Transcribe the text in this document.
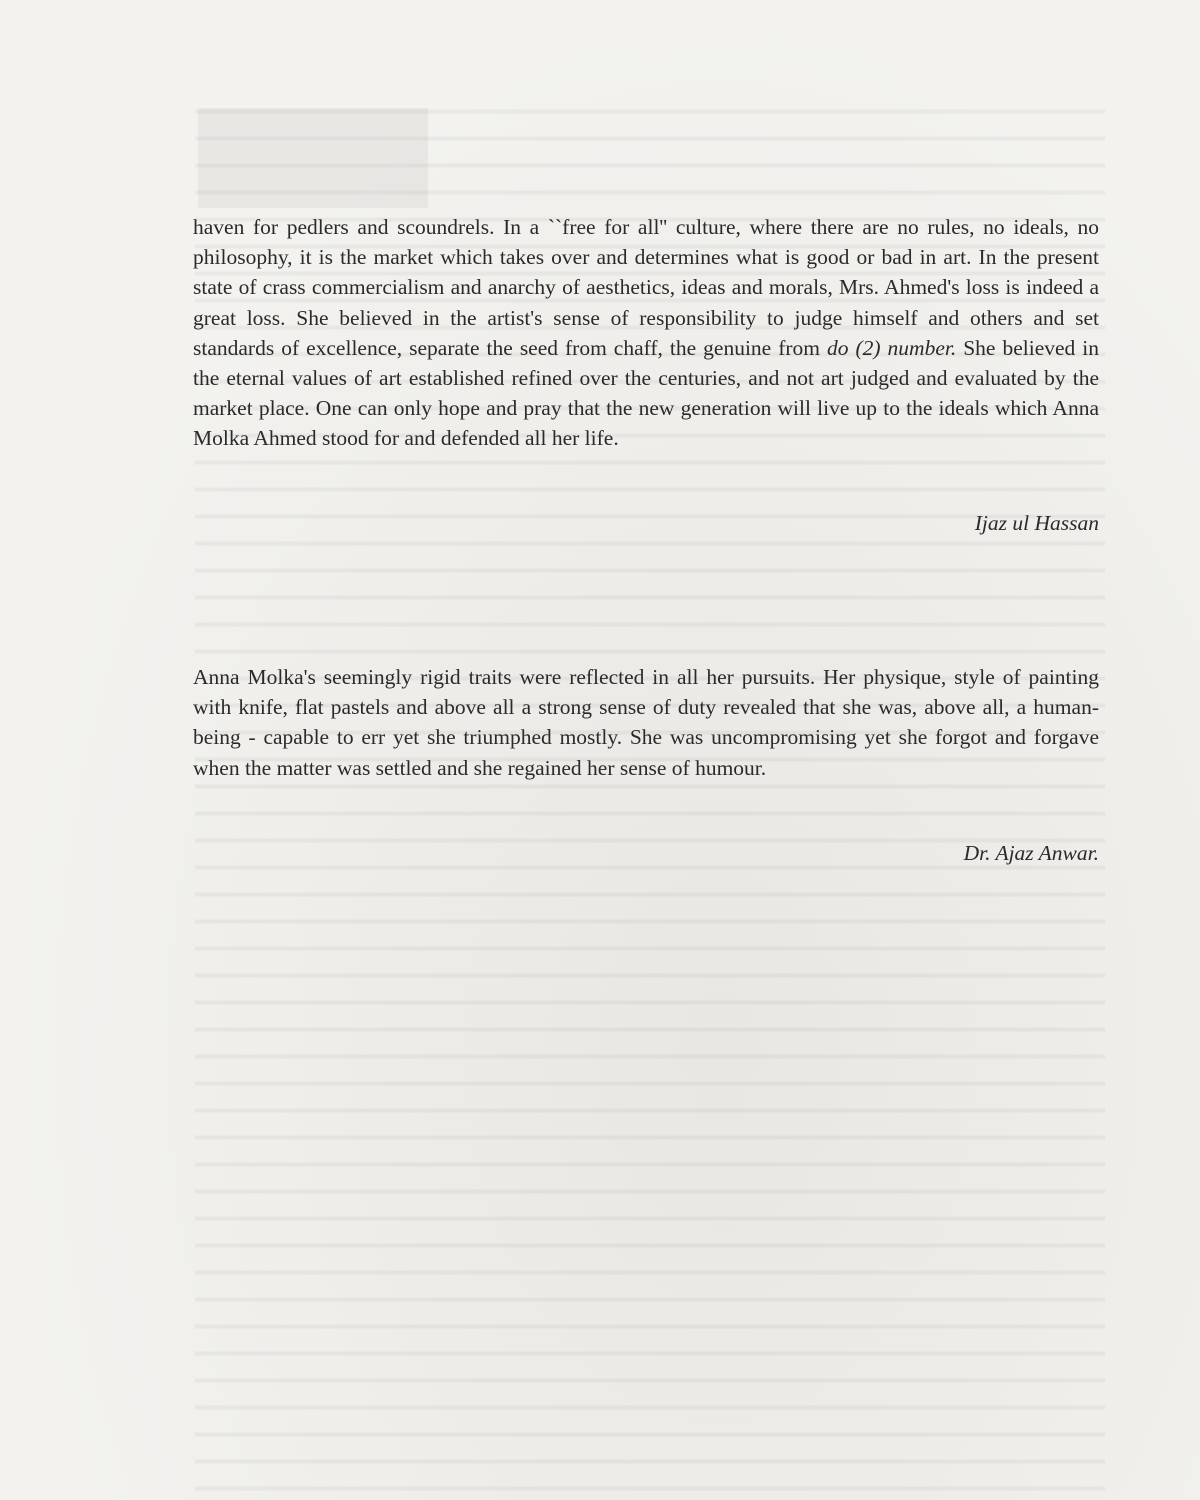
haven for pedlers and scoundrels. In a ``free for all'' culture, where there are no rules, no ideals, no philosophy, it is the market which takes over and determines what is good or bad in art. In the present state of crass commercialism and anarchy of aesthetics, ideas and morals, Mrs. Ahmed's loss is indeed a great loss. She believed in the artist's sense of responsibility to judge himself and others and set standards of excellence, separate the seed from chaff, the genuine from do (2) number. She believed in the eternal values of art established refined over the centuries, and not art judged and evaluated by the market place. One can only hope and pray that the new generation will live up to the ideals which Anna Molka Ahmed stood for and defended all her life.

Ijaz ul Hassan

Anna Molka's seemingly rigid traits were reflected in all her pursuits. Her physique, style of painting with knife, flat pastels and above all a strong sense of duty revealed that she was, above all, a human-being - capable to err yet she triumphed mostly. She was uncompromising yet she forgot and forgave when the matter was settled and she regained her sense of humour.

Dr. Ajaz Anwar.
